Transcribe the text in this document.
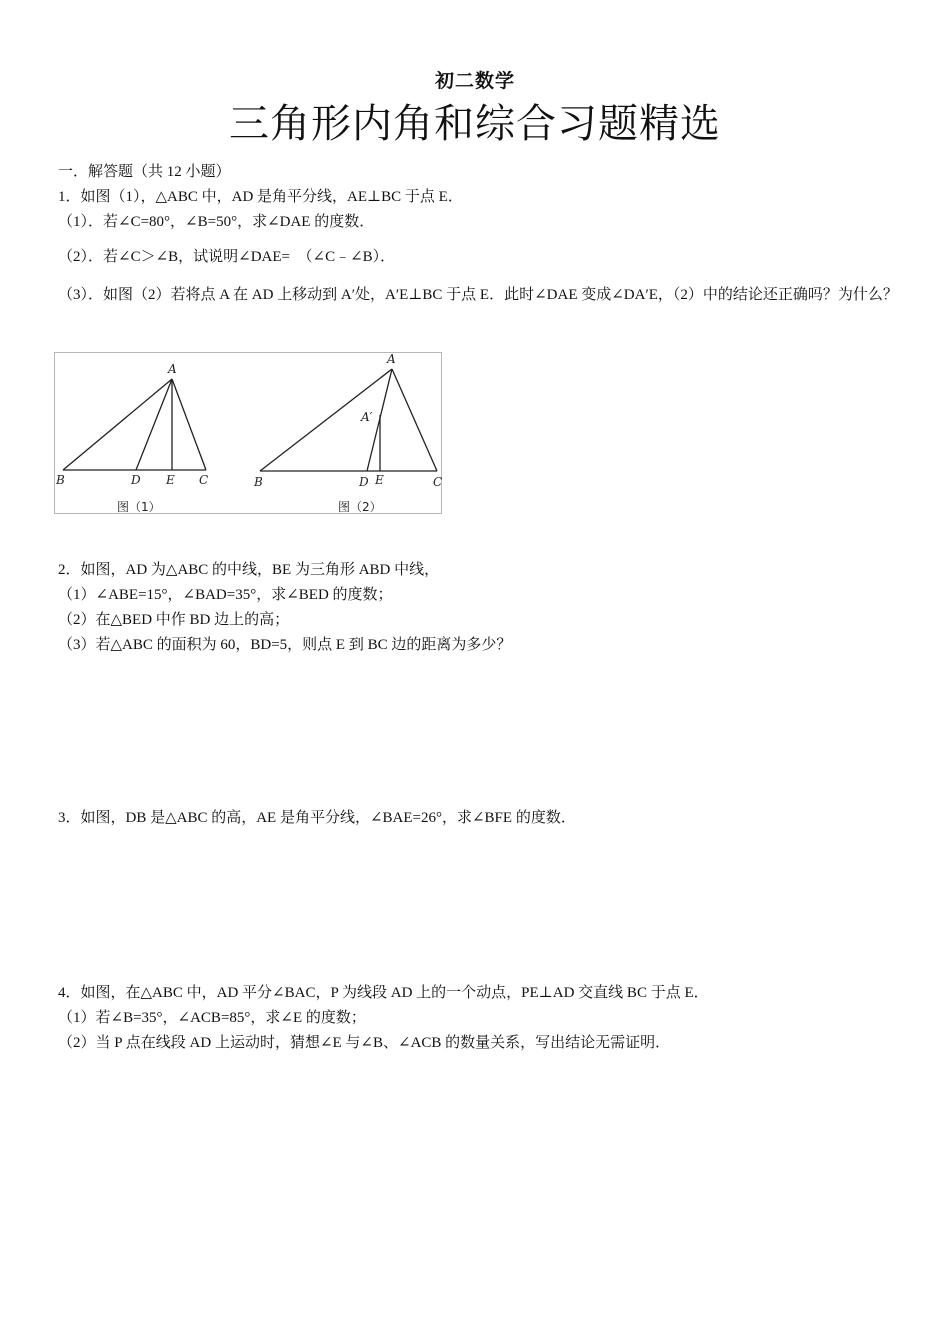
初二数学
三角形内角和综合习题精选
一．解答题（共 12 小题）
1．如图（1），△ABC 中，AD 是角平分线，AE⊥BC 于点 E．
（1）．若∠C=80°，∠B=50°，求∠DAE 的度数．
（2）．若∠C＞∠B，试说明∠DAE=　（∠C﹣∠B）．
（3）．如图（2）若将点 A 在 AD 上移动到 A′处，A′E⊥BC 于点 E．此时∠DAE 变成∠DA′E，（2）中的结论还正确吗？为什么？
A
B	D E C
图（1）
A
A′
B	D E	C
图（2）
2．如图，AD 为△ABC 的中线，BE 为三角形 ABD 中线，
（1）∠ABE=15°，∠BAD=35°，求∠BED 的度数；
（2）在△BED 中作 BD 边上的高；
（3）若△ABC 的面积为 60，BD=5，则点 E 到 BC 边的距离为多少？
3．如图，DB 是△ABC 的高，AE 是角平分线，∠BAE=26°，求∠BFE 的度数．
4．如图，在△ABC 中，AD 平分∠BAC，P 为线段 AD 上的一个动点，PE⊥AD 交直线 BC 于点 E．
（1）若∠B=35°，∠ACB=85°，求∠E 的度数；
（2）当 P 点在线段 AD 上运动时，猜想∠E 与∠B、∠ACB 的数量关系，写出结论无需证明．
